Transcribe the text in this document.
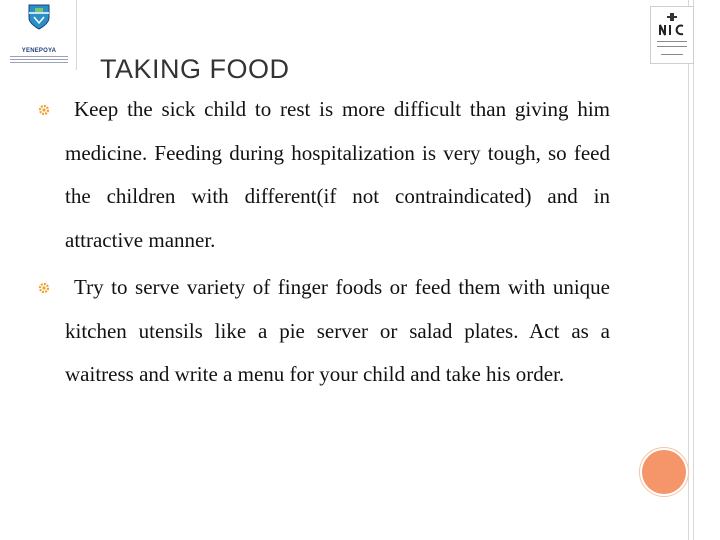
YENEPOYA
TAKING FOOD

Keep the sick child to rest is more difficult than giving him medicine. Feeding during hospitalization is very tough, so feed the children with different(if not contraindicated) and in attractive manner.

Try to serve variety of finger foods or feed them with unique kitchen utensils like a pie server or salad plates. Act as a waitress and write a menu for your child and take his order.
